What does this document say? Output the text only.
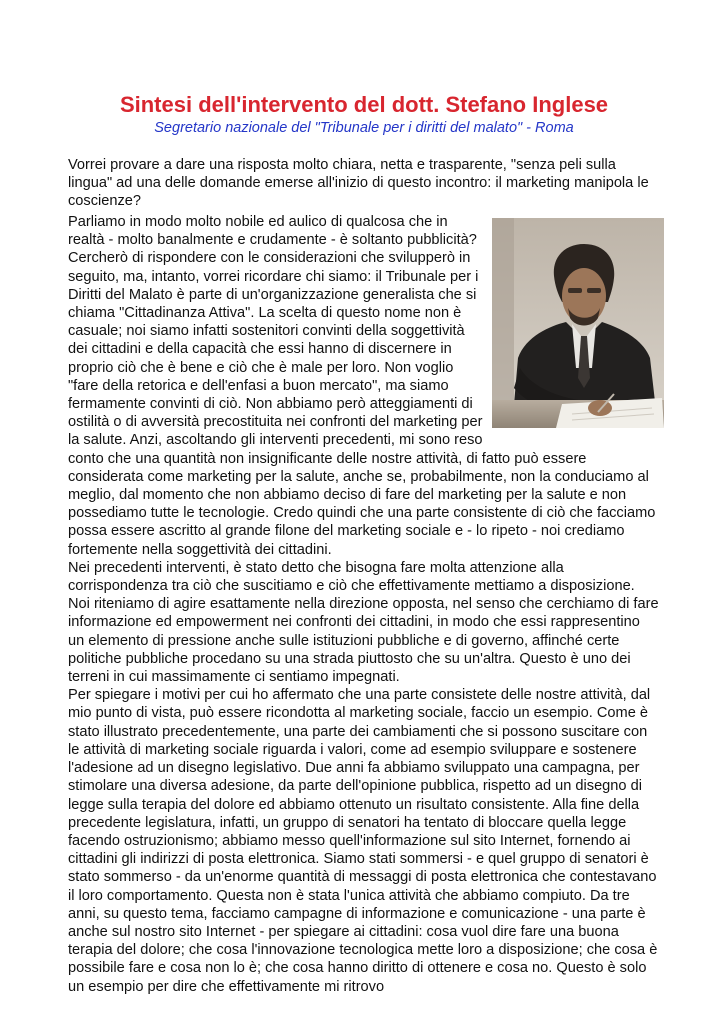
Sintesi dell'intervento del dott. Stefano Inglese

Segretario nazionale del "Tribunale per i diritti del malato" - Roma

Vorrei provare a dare una risposta molto chiara, netta e trasparente, "senza peli sulla lingua" ad una delle domande emerse all'inizio di questo incontro: il marketing manipola le coscienze?

Parliamo in modo molto nobile ed aulico di qualcosa che in realtà - molto banalmente e crudamente - è soltanto pubblicità?

Cercherò di rispondere con le considerazioni che svilupperò in seguito, ma, intanto, vorrei ricordare chi siamo: il Tribunale per i Diritti del Malato è parte di un'organizzazione generalista che si chiama "Cittadinanza Attiva". La scelta di questo nome non è casuale; noi siamo infatti sostenitori convinti della soggettività dei cittadini e della capacità che essi hanno di discernere in proprio ciò che è bene e ciò che è male per loro. Non voglio "fare della retorica e dell'enfasi a buon mercato", ma siamo fermamente convinti di ciò. Non abbiamo però atteggiamenti di ostilità o di avversità precostituita nei confronti del marketing per la salute. Anzi, ascoltando gli interventi precedenti, mi sono reso conto che una quantità non insignificante delle nostre attività, di fatto può essere considerata come marketing per la salute, anche se, probabilmente, non la conduciamo al meglio, dal momento che non abbiamo deciso di fare del marketing per la salute e non possediamo tutte le tecnologie. Credo quindi che una parte consistente di ciò che facciamo possa essere ascritto al grande filone del marketing sociale e - lo ripeto - noi crediamo fortemente nella soggettività dei cittadini.

Nei precedenti interventi, è stato detto che bisogna fare molta attenzione alla corrispondenza tra ciò che suscitiamo e ciò che effettivamente mettiamo a disposizione. Noi riteniamo di agire esattamente nella direzione opposta, nel senso che cerchiamo di fare informazione ed empowerment nei confronti dei cittadini, in modo che essi rappresentino un elemento di pressione anche sulle istituzioni pubbliche e di governo, affinché certe politiche pubbliche procedano su una strada piuttosto che su un'altra. Questo è uno dei terreni in cui massimamente ci sentiamo impegnati.

Per spiegare i motivi per cui ho affermato che una parte consistete delle nostre attività, dal mio punto di vista, può essere ricondotta al marketing sociale, faccio un esempio. Come è stato illustrato precedentemente, una parte dei cambiamenti che si possono suscitare con le attività di marketing sociale riguarda i valori, come ad esempio sviluppare e sostenere l'adesione ad un disegno legislativo. Due anni fa abbiamo sviluppato una campagna, per stimolare una diversa adesione, da parte dell'opinione pubblica, rispetto ad un disegno di legge sulla terapia del dolore ed abbiamo ottenuto un risultato consistente. Alla fine della precedente legislatura, infatti, un gruppo di senatori ha tentato di bloccare quella legge facendo ostruzionismo; abbiamo messo quell'informazione sul sito Internet, fornendo ai cittadini gli indirizzi di posta elettronica. Siamo stati sommersi - e quel gruppo di senatori è stato sommerso - da un'enorme quantità di messaggi di posta elettronica che contestavano il loro comportamento. Questa non è stata l'unica attività che abbiamo compiuto. Da tre anni, su questo tema, facciamo campagne di informazione e comunicazione - una parte è anche sul nostro sito Internet - per spiegare ai cittadini: cosa vuol dire fare una buona terapia del dolore; che cosa l'innovazione tecnologica mette loro a disposizione; che cosa è possibile fare e cosa non lo è; che cosa hanno diritto di ottenere e cosa no. Questo è solo un esempio per dire che effettivamente mi ritrovo
